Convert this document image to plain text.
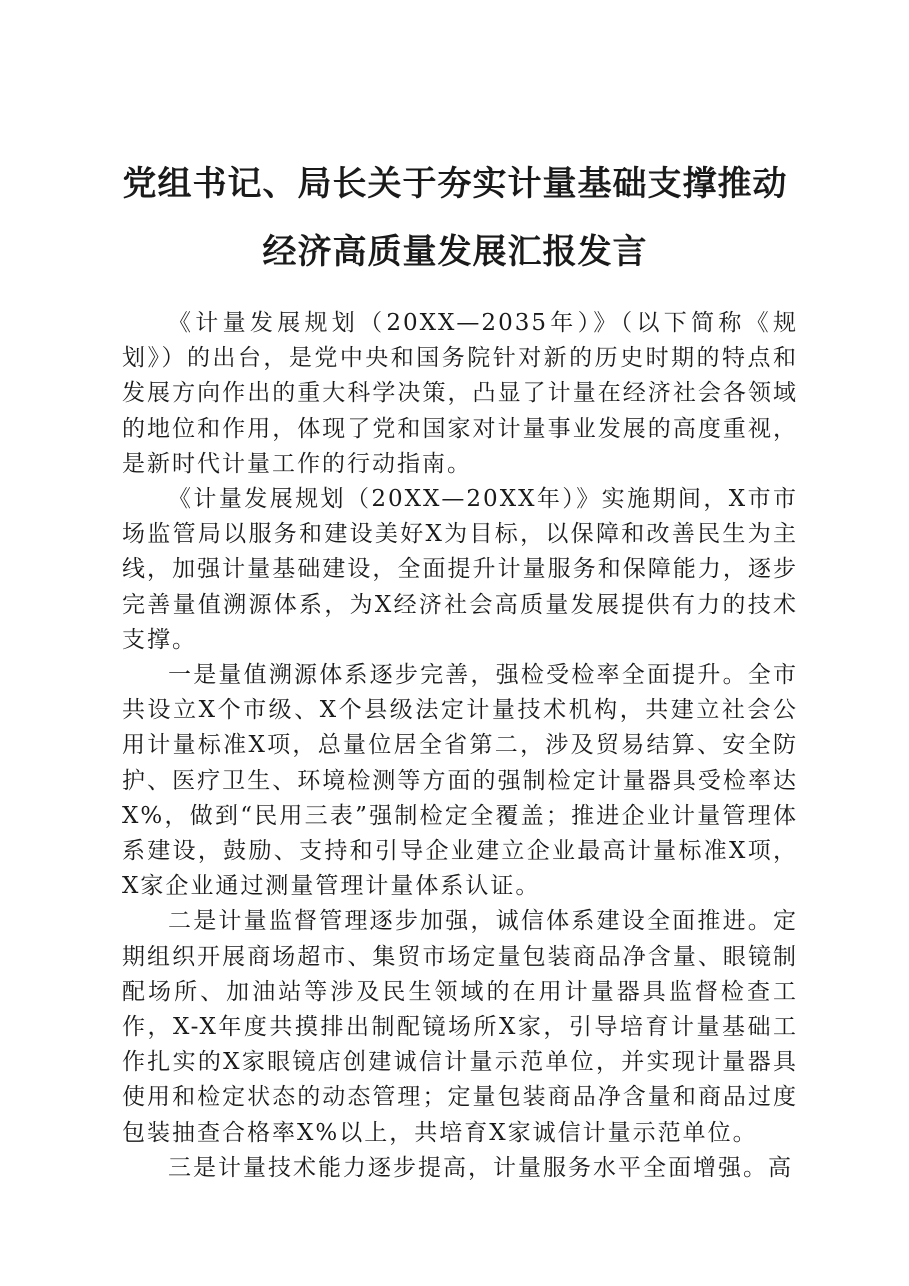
党组书记、局长关于夯实计量基础支撑推动经济高质量发展汇报发言

《计量发展规划（20XX—2035年）》（以下简称《规划》）的出台，是党中央和国务院针对新的历史时期的特点和发展方向作出的重大科学决策，凸显了计量在经济社会各领域的地位和作用，体现了党和国家对计量事业发展的高度重视，是新时代计量工作的行动指南。

《计量发展规划（20XX—20XX年）》实施期间，X市市场监管局以服务和建设美好X为目标，以保障和改善民生为主线，加强计量基础建设，全面提升计量服务和保障能力，逐步完善量值溯源体系，为X经济社会高质量发展提供有力的技术支撑。

一是量值溯源体系逐步完善，强检受检率全面提升。全市共设立X个市级、X个县级法定计量技术机构，共建立社会公用计量标准X项，总量位居全省第二，涉及贸易结算、安全防护、医疗卫生、环境检测等方面的强制检定计量器具受检率达X%，做到“民用三表”强制检定全覆盖；推进企业计量管理体系建设，鼓励、支持和引导企业建立企业最高计量标准X项，X家企业通过测量管理计量体系认证。

二是计量监督管理逐步加强，诚信体系建设全面推进。定期组织开展商场超市、集贸市场定量包装商品净含量、眼镜制配场所、加油站等涉及民生领域的在用计量器具监督检查工作，X-X年度共摸排出制配镜场所X家，引导培育计量基础工作扎实的X家眼镜店创建诚信计量示范单位，并实现计量器具使用和检定状态的动态管理；定量包装商品净含量和商品过度包装抽查合格率X%以上，共培育X家诚信计量示范单位。

三是计量技术能力逐步提高，计量服务水平全面增强。高
